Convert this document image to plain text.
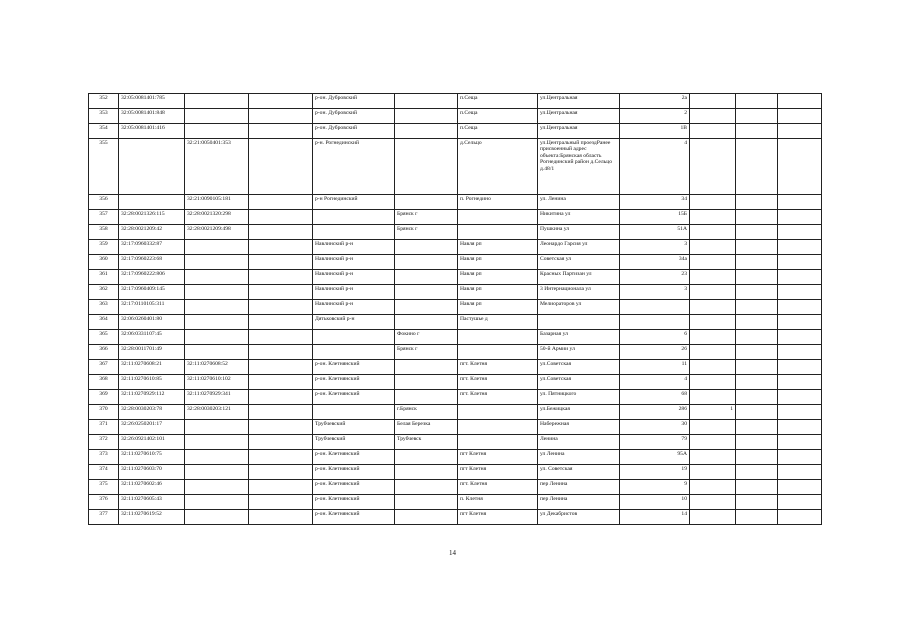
352	32:05:0081401:785			р-он. Дубровский		п.Сеща	ул.Центральная	2а			
353	32:05:0081401:848			р-он. Дубровский		п.Сеща	ул.Центральная	2			
354	32:05:0081401:416			р-он. Дубровский		п.Сеща	ул.Центральная	1В			
355		32:21:0050401:353		р-н. Рогнединский		д.Сельцо	ул.Центральный проездРанее присвоенный адрес объекта:Брянская область Рогнединский район д.Сельцо д.48/1	4			
356		32:21:0090105:181		р-н Рогнединский		п. Рогнедино	ул. Ленина	34			
357	32:28:0021326:115	32:28:0021320:298			Брянск г		Никитина ул	15Б			
358	32:28:0021209:42	32:28:0021209:498			Брянск г		Пушкина ул	51А			
359	32:17:0960332:87			Навлинский р-н		Навля рп	Леонардо Гарсия ул	3			
360	32:17:0960223:68			Навлинский р-н		Навля рп	Советская ул	34а			
361	32:17:0960222:806			Навлинский р-н		Навля рп	Красных Партизан ул	23			
362	32:17:0960409:145			Навлинский р-н		Навля рп	3 Интернационала ул	3			
363	32:17:0110105:311			Навлинский р-н		Навля рп	Мелиораторов ул				
364	32:06:0260401:80			Дятьковский р-н		Пастушье д					
365	32:06:0331107:45				Фокино г		Базарная ул	6			
366	32:28:0011701:49				Брянск г		50-й Армии ул	26			
367	32:11:0270608:21	32:11:0270608:52		р-он. Клетнянский		пгт. Клетня	ул.Советская	11			
368	32:11:0270610:85	32:11:0270610:102		р-он. Клетнянский		пгт. Клетня	ул.Советская	4			
369	32:11:0270929:112	32:11:0270929:341		р-он. Клетнянский		пгт. Клетня	ул. Пятницкого	68			
370	32:28:0030203:78	32:28:0030203:121			г.Брянск		ул.Бежицкая	286	1		
371	32:26:0250201:17			Трубчевский	Белая Березка		Набережная	30			
372	32:26:0921402:101			Трубчевский	Трубчевск		Ленина	79			
373	32:11:0270610:75			р-он. Клетнянский		пгт Клетня	ул Ленина	95А			
374	32:11:0270603:70			р-он. Клетнянский		пгт Клетня	ул. Советская	19			
375	32:11:0270602:46			р-он. Клетнянский		пгт. Клетня	пер Ленина	9			
376	32:11:0270605:43			р-он. Клетнянский		п. Клетня	пер Ленина	10			
377	32:11:0270619:52			р-он. Клетнянский		пгт Клетня	ул Декабристов	14			
14
